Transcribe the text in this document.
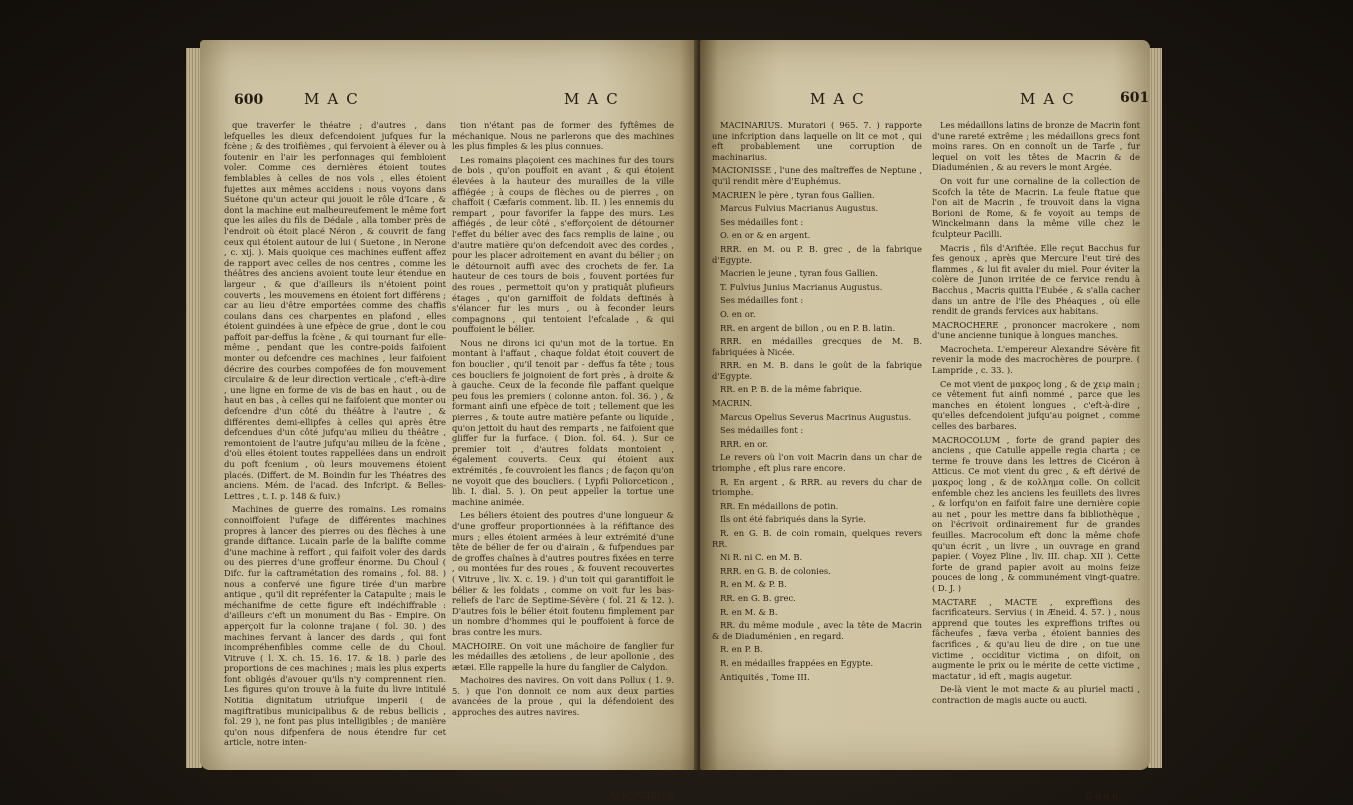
600	MAC	MAC

que traverfer le théatre ; d'autres , dans lefquelles les dieux defcendoient jufques fur la fcène ; & des troifièmes , qui fervoient à élever ou à foutenir en l'air les perfonnages qui fembloient voler. Comme ces dernières étoient toutes femblables à celles de nos vols , elles étoient fujettes aux mêmes accidens : nous voyons dans Suétone qu'un acteur qui jouoit le rôle d'Icare , & dont la machine eut malheureufement le même fort que les ailes du fils de Dédale , alla tomber près de l'endroit où étoit placé Néron , & couvrit de fang ceux qui étoient autour de lui ( Suetone , in Nerone , c. xij. ). Mais quoique ces machines euffent affez de rapport avec celles de nos centres , comme les théâtres des anciens avoient toute leur étendue en largeur , & que d'ailleurs ils n'étoient point couverts , les mouvemens en étoient fort différens ; car au lieu d'être emportées comme des chaffis coulans dans ces charpentes en plafond , elles étoient guindées à une efpèce de grue , dont le cou paffoit par-deffus la fcène , & qui tournant fur elle-même , pendant que les contre-poids faifoient monter ou defcendre ces machines , leur faifoient décrire des courbes compofées de fon mouvement circulaire & de leur direction verticale , c'eft-à-dire , une ligne en forme de vis de bas en haut , ou de haut en bas , à celles qui ne faifoient que monter ou defcendre d'un côté du théâtre à l'autre , & différentes demi-ellipfes à celles qui après être defcendues d'un côté jufqu'au milieu du théâtre , remontoient de l'autre jufqu'au milieu de la fcène , d'où elles étoient toutes rappellées dans un endroit du poft fcenium , où leurs mouvemens étoient placés. (Differt. de M. Boindin fur les Théatres des anciens. Mém. de l'acad. des Infcript. & Belles-Lettres , t. I. p. 148 & fuiv.)

Machines de guerre des romains. Les romains connoiffoient l'ufage de différentes machines propres à lancer des pierres ou des flèches à une grande diftance. Lucain parle de la balifte comme d'une machine à reffort , qui faifoit voler des dards ou des pierres d'une groffeur énorme. Du Choul ( Difc. fur la caftramétation des romains , fol. 88. ) nous a confervé une figure tirée d'un marbre antique , qu'il dit repréfenter la Catapulte ; mais le méchanifme de cette figure eft indéchiffrable : d'ailleurs c'eft un monument du Bas - Empire. On apperçoit fur la colonne trajane ( fol. 30. ) des machines fervant à lancer des dards , qui font incompréhenfibles comme celle de du Choul. Vitruve ( l. X. ch. 15. 16. 17. & 18. ) parle des proportions de ces machines ; mais les plus experts font obligés d'avouer qu'ils n'y comprennent rien. Les figures qu'on trouve à la fuite du livre intitulé Notitia dignitatum utriufque imperii ( de magiftratibus municipalibus & de rebus bellicis , fol. 29 ), ne font pas plus intelligibles ; de manière qu'on nous difpenfera de nous étendre fur cet article, notre inten-

tion n'étant pas de former des fyftêmes de méchanique. Nous ne parlerons que des machines les plus fimples & les plus connues.

Les romains plaçoient ces machines fur des tours de bois , qu'on pouffoit en avant , & qui étoient élevées à la hauteur des murailles de la ville affiégée ; à coups de flèches ou de pierres , on chaffoit ( Cæfaris comment. lib. II. ) les ennemis du rempart , pour favorifer la fappe des murs. Les affiégés , de leur côté , s'efforçoient de détourner l'effet du bélier avec des facs remplis de laine , ou d'autre matière qu'on defcendoit avec des cordes , pour les placer adroitement en avant du bélier ; on le détournoit auffi avec des crochets de fer. La hauteur de ces tours de bois , fouvent portées fur des roues , permettoit qu'on y pratiquât plufieurs étages , qu'on garniffoit de foldats deftinés à s'élancer fur les murs , ou à feconder leurs compagnons , qui tentoient l'efcalade , & qui pouffoient le bélier.

Nous ne dirons ici qu'un mot de la tortue. En montant à l'affaut , chaque foldat étoit couvert de fon bouclier , qu'il tenoit par - deffus fa tête ; tous ces boucliers fe joignoient de fort près , à droite & à gauche. Ceux de la feconde file paffant quelque peu fous les premiers ( colonne anton. fol. 36. ) , & formant ainfi une efpèce de toit ; tellement que les pierres , & toute autre matière pefante ou liquide , qu'on jettoit du haut des remparts , ne faifoient que gliffer fur la furface. ( Dion. fol. 64. ). Sur ce premier toit , d'autres foldats montoient , également couverts. Ceux qui étoient aux extrémités , fe couvroient les flancs ; de façon qu'on ne voyoit que des boucliers. ( Lypfii Poliorceticon , lib. I. dial. 5. ). On peut appeller la tortue une machine animée.

Les béliers étoient des poutres d'une longueur & d'une groffeur proportionnées à la réfiftance des murs ; elles étoient armées à leur extrémité d'une tête de bélier de fer ou d'airain , & fufpendues par de groffes chaînes à d'autres poutres fixées en terre , ou montées fur des roues , & fouvent recouvertes ( Vitruve , liv. X. c. 19. ) d'un toit qui garantiffoit le bélier & les foldats , comme on voit fur les bas-reliefs de l'arc de Septime-Sévère ( fol. 21 & 12. ). D'autres fois le bélier étoit foutenu fimplement par un nombre d'hommes qui le pouffoient à force de bras contre les murs.

MACHOIRE. On voit une mâchoire de fanglier fur les médailles des ætoliens , de leur apollonie , des ætæi. Elle rappelle la hure du fanglier de Calydon.

Machoires des navires. On voit dans Pollux ( 1. 9. 5. ) que l'on donnoit ce nom aux deux parties avancées de la proue , qui la défendoient des approches des autres navires.

MACINARIUS.
MAC	MAC	601

MACINARIUS. Muratori ( 965. 7. ) rapporte une infcription dans laquelle on lit ce mot , qui eft probablement une corruption de machinarius.

MACIONISSE , l'une des maîtreffes de Neptune , qu'il rendit mère d'Euphémus.

MACRIEN le père , tyran fous Gallien.

Marcus Fulvius Macrianus Augustus.

Ses médailles font :

O. en or & en argent.

RRR. en M. ou P. B. grec , de la fabrique d'Egypte.

Macrien le jeune , tyran fous Gallien.

T. Fulvius Junius Macrianus Augustus.

Ses médailles font :

O. en or.

RR. en argent de billon , ou en P. B. latin.

RRR. en médailles grecques de M. B. fabriquées à Nicée.

RRR. en M. B. dans le goût de la fabrique d'Egypte.

RR. en P. B. de la même fabrique.

MACRIN.

Marcus Opelius Severus Macrinus Augustus.

Ses médailles font :

RRR. en or.

Le revers où l'on voit Macrin dans un char de triomphe , eft plus rare encore.

R. En argent , & RRR. au revers du char de triomphe.

RR. En médaillons de potin.

Ils ont été fabriqués dans la Syrie.

R. en G. B. de coin romain, quelques revers RR.

Ni R. ni C. en M. B.

RRR. en G. B. de colonies.

R. en M. & P. B.

RR. en G. B. grec.

R. en M. & B.

RR. du même module , avec la tête de Macrin & de Diaduménien , en regard.

R. en P. B.

R. en médailles frappées en Egypte.

Antiquités , Tome III.

Les médaillons latins de bronze de Macrin font d'une rareté extrême ; les médaillons grecs font moins rares. On en connoît un de Tarfe , fur lequel on voit les têtes de Macrin & de Diaduménien , & au revers le mont Argée.

On voit fur une cornaline de la collection de Scofch la tête de Macrin. La feule ftatue que l'on ait de Macrin , fe trouvoit dans la vigna Borioni de Rome, & fe voyoit au temps de Winckelmann dans la même ville chez le fculpteur Pacilli.

Macris , fils d'Ariftée. Elle reçut Bacchus fur fes genoux , après que Mercure l'eut tiré des flammes , & lui fit avaler du miel. Pour éviter la colère de Junon irritée de ce fervice rendu à Bacchus , Macris quitta l'Eubée , & s'alla cacher dans un antre de l'île des Phéaques , où elle rendit de grands fervices aux habitans.

MACROCHERE , prononcer macrokere , nom d'une ancienne tunique à longues manches.

Macrocheta. L'empereur Alexandre Sévère fit revenir la mode des macrochères de pourpre. ( Lampride , c. 33. ).

Ce mot vient de μακρος long , & de χειρ main ; ce vêtement fut ainfi nommé , parce que les manches en étoient longues , c'eft-à-dire , qu'elles defcendoient jufqu'au poignet , comme celles des barbares.

MACROCOLUM , forte de grand papier des anciens , que Catulle appelle regia charta ; ce terme fe trouve dans les lettres de Cicéron à Atticus. Ce mot vient du grec , & eft dérivé de μακρος long , & de κολλημα colle. On collcit enfemble chez les anciens les feuillets des livres , & lorfqu'on en faifoit faire une dernière copie au net , pour les mettre dans fa bibliothèque , on l'écrivoit ordinairement fur de grandes feuilles. Macrocolum eft donc la même chofe qu'un écrit , un livre , un ouvrage en grand papier. ( Voyez Pline , liv. III. chap. XII ). Cette forte de grand papier avoit au moins feize pouces de long , & communément vingt-quatre. ( D. J. )

MACTARE , MACTE , expreffions des facrificateurs. Servius ( in Æneid. 4. 57. ) , nous apprend que toutes les expreffions triftes ou fâcheufes , fæva verba , étoient bannies des facrifices , & qu'au lieu de dire , on tue une victime , occiditur victima , on difoit, on augmente le prix ou le mérite de cette victime , mactatur , id eft , magis augetur.

De-là vient le mot macte & au pluriel macti , contraction de magis aucte ou aucti.

G g g g
